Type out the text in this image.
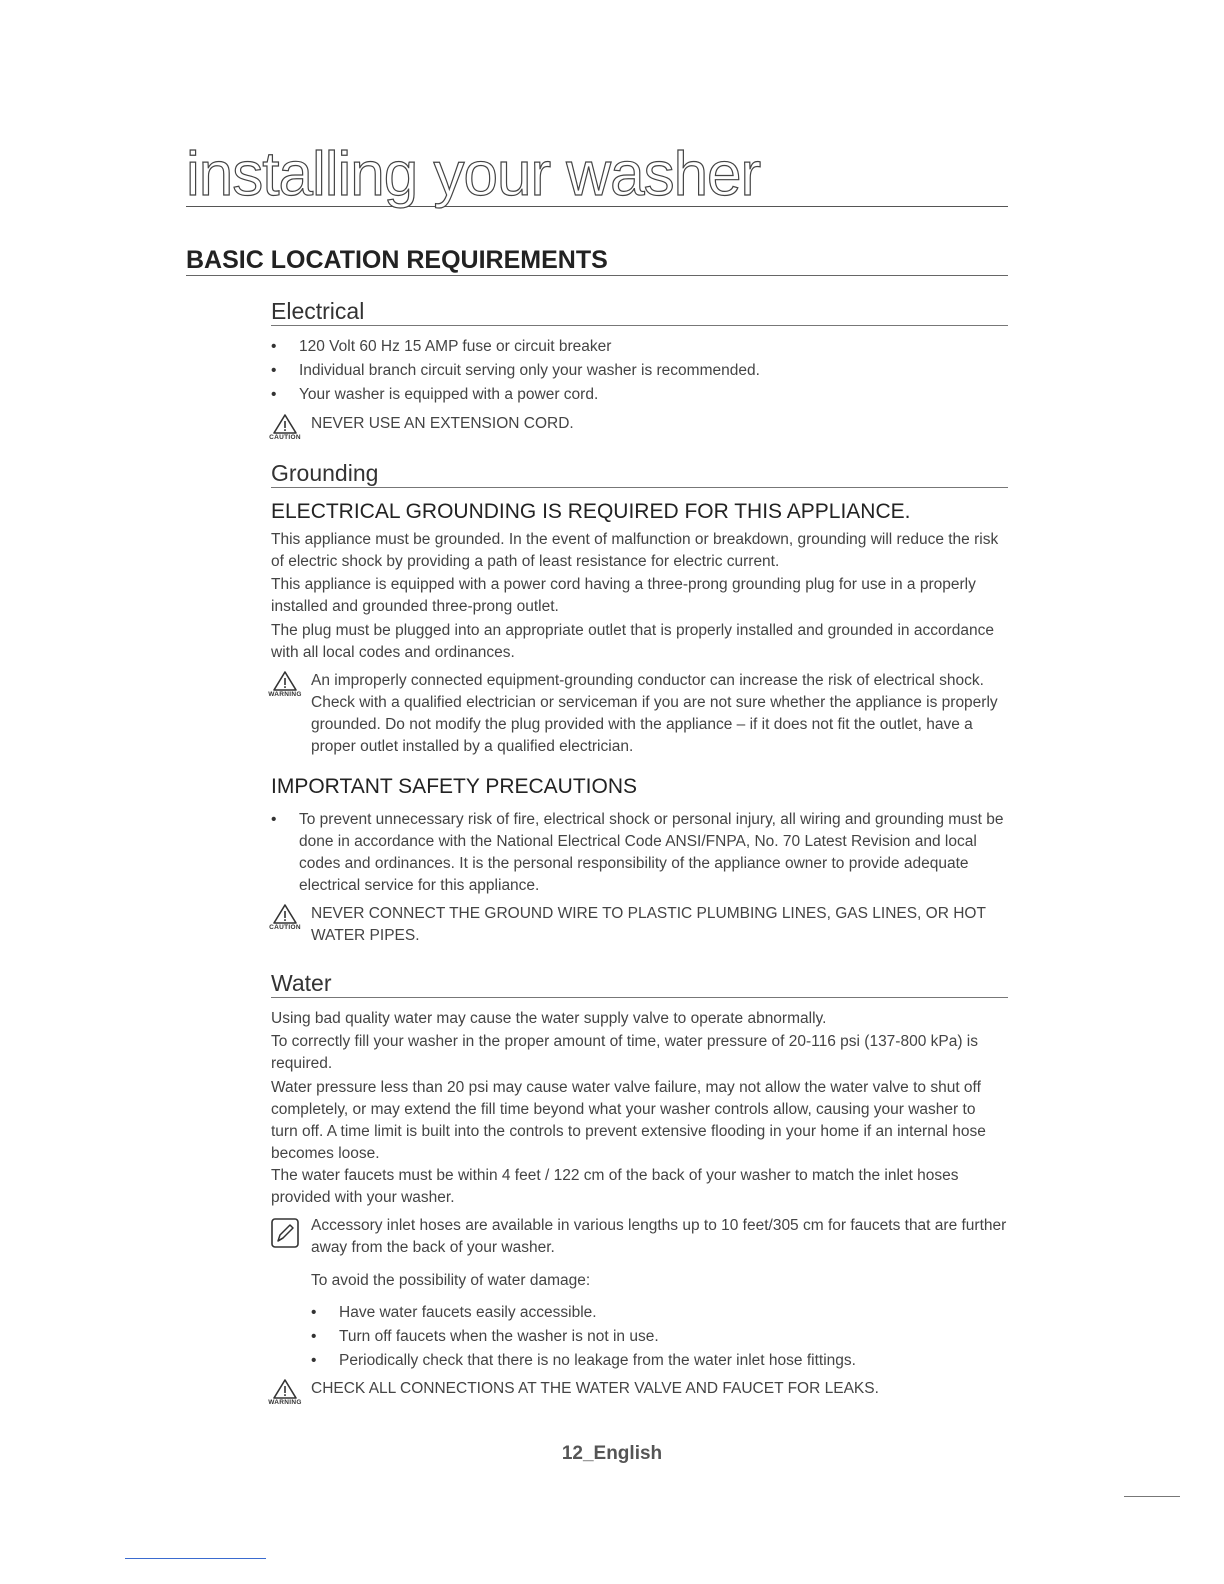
installing your washer
BASIC LOCATION REQUIREMENTS
Electrical
• 120 Volt 60 Hz 15 AMP fuse or circuit breaker
• Individual branch circuit serving only your washer is recommended.
• Your washer is equipped with a power cord.
CAUTION
NEVER USE AN EXTENSION CORD.
Grounding
ELECTRICAL GROUNDING IS REQUIRED FOR THIS APPLIANCE.

This appliance must be grounded. In the event of malfunction or breakdown, grounding will reduce the risk of electric shock by providing a path of least resistance for electric current.

This appliance is equipped with a power cord having a three-prong grounding plug for use in a properly installed and grounded three-prong outlet.

The plug must be plugged into an appropriate outlet that is properly installed and grounded in accordance with all local codes and ordinances.

WARNING
An improperly connected equipment-grounding conductor can increase the risk of electrical shock. Check with a qualified electrician or serviceman if you are not sure whether the appliance is properly grounded. Do not modify the plug provided with the appliance – if it does not fit the outlet, have a proper outlet installed by a qualified electrician.
IMPORTANT SAFETY PRECAUTIONS
• To prevent unnecessary risk of fire, electrical shock or personal injury, all wiring and grounding must be done in accordance with the National Electrical Code ANSI/FNPA, No. 70 Latest Revision and local codes and ordinances. It is the personal responsibility of the appliance owner to provide adequate electrical service for this appliance.
CAUTION
NEVER CONNECT THE GROUND WIRE TO PLASTIC PLUMBING LINES, GAS LINES, OR HOT WATER PIPES.
Water

Using bad quality water may cause the water supply valve to operate abnormally.

To correctly fill your washer in the proper amount of time, water pressure of 20-116 psi (137-800 kPa) is required.

Water pressure less than 20 psi may cause water valve failure, may not allow the water valve to shut off completely, or may extend the fill time beyond what your washer controls allow, causing your washer to turn off. A time limit is built into the controls to prevent extensive flooding in your home if an internal hose becomes loose.

The water faucets must be within 4 feet / 122 cm of the back of your washer to match the inlet hoses provided with your washer.

Accessory inlet hoses are available in various lengths up to 10 feet/305 cm for faucets that are further away from the back of your washer.

To avoid the possibility of water damage:

• Have water faucets easily accessible.
• Turn off faucets when the washer is not in use.
• Periodically check that there is no leakage from the water inlet hose fittings.
WARNING
CHECK ALL CONNECTIONS AT THE WATER VALVE AND FAUCET FOR LEAKS.
12_English
